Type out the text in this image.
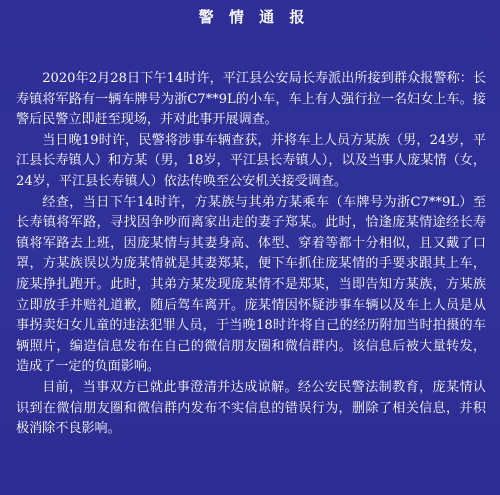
警 情 通 报

2020年2月28日下午14时许，平江县公安局长寿派出所接到群众报警称：长寿镇将军路有一辆车牌号为浙C7**9L的小车，车上有人强行拉一名妇女上车。接警后民警立即赶至现场，并对此事开展调查。

当日晚19时许，民警将涉事车辆查获，并将车上人员方某族（男，24岁，平江县长寿镇人）和方某（男，18岁，平江县长寿镇人），以及当事人庞某情（女，24岁，平江县长寿镇人）依法传唤至公安机关接受调查。

经查，当日下午14时许，方某族与其弟方某乘车（车牌号为浙C7**9L）至长寿镇将军路，寻找因争吵而离家出走的妻子郑某。此时，恰逢庞某情途经长寿镇将军路去上班，因庞某情与其妻身高、体型、穿着等都十分相似，且又戴了口罩，方某族误以为庞某情就是其妻郑某，便下车抓住庞某情的手要求跟其上车，庞某挣扎跑开。此时，其弟方某发现庞某情不是郑某，当即告知方某族，方某族立即放手并赔礼道歉，随后驾车离开。庞某情因怀疑涉事车辆以及车上人员是从事拐卖妇女儿童的违法犯罪人员，于当晚18时许将自己的经历附加当时拍摄的车辆照片，编造信息发布在自己的微信朋友圈和微信群内。该信息后被大量转发，造成了一定的负面影响。

目前，当事双方已就此事澄清并达成谅解。经公安民警法制教育，庞某情认识到在微信朋友圈和微信群内发布不实信息的错误行为，删除了相关信息，并积极消除不良影响。
